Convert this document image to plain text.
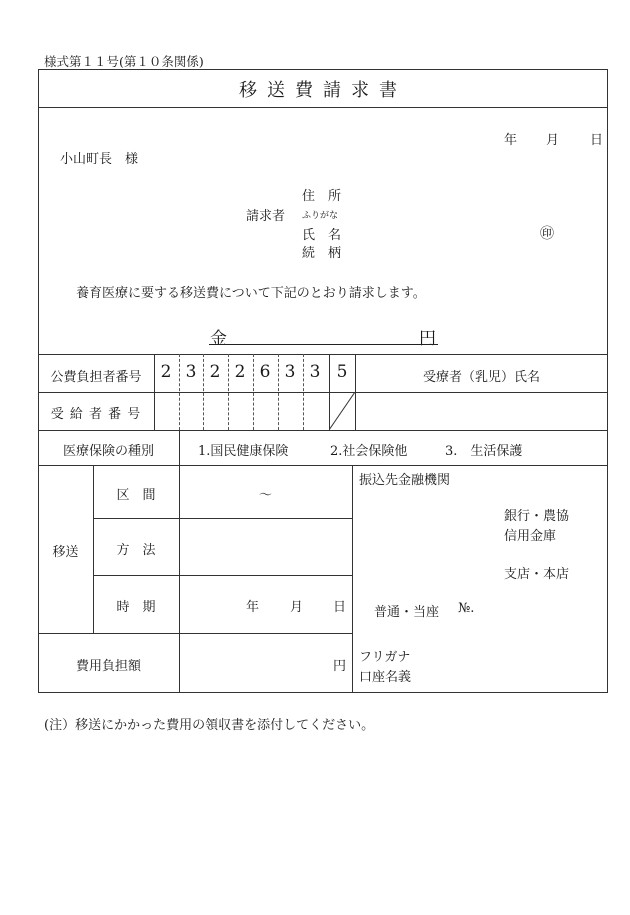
様式第１１号(第１０条関係)
移送費請求書
年 月 日
小山町長　様
住　所
請求者 ふりがな
氏　名	㊞
続　柄
養育医療に要する移送費について下記のとおり請求します。
金	円
公費負担者番号	2 3 2 2 6 3 3 5	受療者（乳児）氏名
受 給 者 番 号
医療保険の種別	1.国民健康保険	2.社会保険他	3.　生活保護
移送
区　間	～
方　法
時　期	年 月 日
費用負担額	円
振込先金融機関
銀行・農協
信用金庫
支店・本店
普通・当座 №.
フリガナ
口座名義
(注）移送にかかった費用の領収書を添付してください。
